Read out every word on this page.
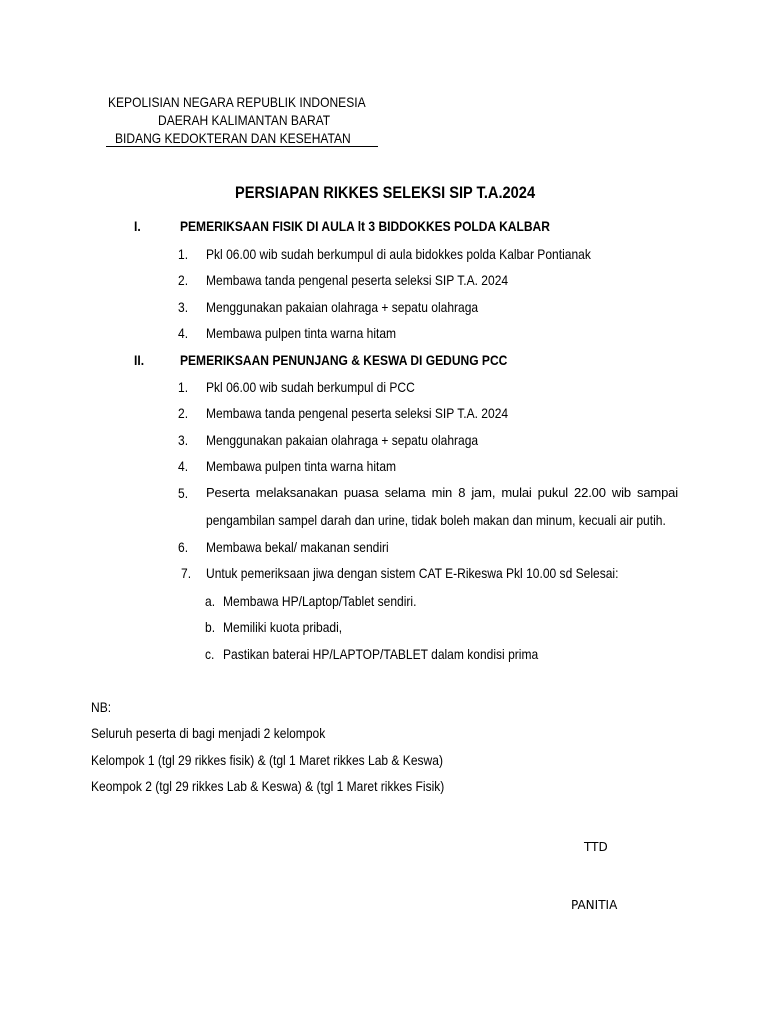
KEPOLISIAN NEGARA REPUBLIK INDONESIA
DAERAH KALIMANTAN BARAT
BIDANG KEDOKTERAN DAN KESEHATAN
PERSIAPAN RIKKES SELEKSI SIP T.A.2024
I.	PEMERIKSAAN FISIK DI AULA lt 3 BIDDOKKES POLDA KALBAR
1. Pkl 06.00 wib sudah berkumpul di aula bidokkes polda Kalbar Pontianak
2. Membawa tanda pengenal peserta seleksi SIP T.A. 2024
3. Menggunakan pakaian olahraga + sepatu olahraga
4. Membawa pulpen tinta warna hitam
II.	PEMERIKSAAN PENUNJANG & KESWA DI GEDUNG PCC
1. Pkl 06.00 wib sudah berkumpul di PCC
2. Membawa tanda pengenal peserta seleksi SIP T.A. 2024
3. Menggunakan pakaian olahraga + sepatu olahraga
4. Membawa pulpen tinta warna hitam
5. Peserta melaksanakan puasa selama min 8 jam, mulai pukul 22.00 wib sampai
pengambilan sampel darah dan urine, tidak boleh makan dan minum, kecuali air putih.
6. Membawa bekal/ makanan sendiri
7. Untuk pemeriksaan jiwa dengan sistem CAT E-Rikeswa Pkl 10.00 sd Selesai:
a. Membawa HP/Laptop/Tablet sendiri.
b. Memiliki kuota pribadi,
c. Pastikan baterai HP/LAPTOP/TABLET dalam kondisi prima
NB:
Seluruh peserta di bagi menjadi 2 kelompok
Kelompok 1 (tgl 29 rikkes fisik) & (tgl 1 Maret rikkes Lab & Keswa)
Keompok 2 (tgl 29 rikkes Lab & Keswa) & (tgl 1 Maret rikkes Fisik)
TTD
PANITIA
